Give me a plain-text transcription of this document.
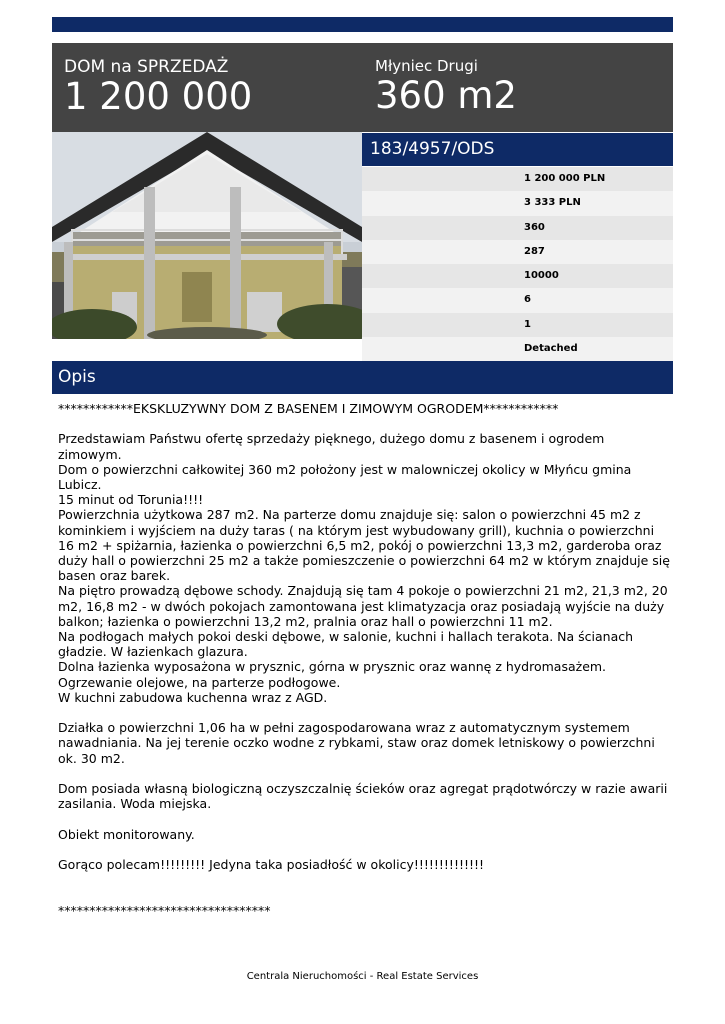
DOM na SPRZEDAŻ
1 200 000
Młyniec Drugi
360 m2
183/4957/ODS
1 200 000 PLN
3 333 PLN
360
287
10000
6
1
Detached
Opis

************EKSKLUZYWNY DOM Z BASENEM I ZIMOWYM OGRODEM************

Przedstawiam Państwu ofertę sprzedaży pięknego, dużego domu z basenem i ogrodem zimowym.

Dom o powierzchni całkowitej 360 m2 położony jest w malowniczej okolicy w Młyńcu gmina Lubicz.

15 minut od Torunia!!!!

Powierzchnia użytkowa 287 m2. Na parterze domu znajduje się: salon o powierzchni 45 m2 z kominkiem i wyjściem na duży taras ( na którym jest wybudowany grill), kuchnia o powierzchni 16 m2 + spiżarnia, łazienka o powierzchni 6,5 m2, pokój o powierzchni 13,3 m2, garderoba oraz duży hall o powierzchni 25 m2 a także pomieszczenie o powierzchni 64 m2 w którym znajduje się basen oraz barek.

Na piętro prowadzą dębowe schody. Znajdują się tam 4 pokoje o powierzchni 21 m2, 21,3 m2, 20 m2, 16,8 m2 - w dwóch pokojach zamontowana jest klimatyzacja oraz posiadają wyjście na duży balkon; łazienka o powierzchni 13,2 m2, pralnia oraz hall o powierzchni 11 m2.

Na podłogach małych pokoi deski dębowe, w salonie, kuchni i hallach terakota. Na ścianach gładzie. W łazienkach glazura.

Dolna łazienka wyposażona w prysznic, górna w prysznic oraz wannę z hydromasażem.

Ogrzewanie olejowe, na parterze podłogowe.

W kuchni zabudowa kuchenna wraz z AGD.

Działka o powierzchni 1,06 ha w pełni zagospodarowana wraz z automatycznym systemem nawadniania. Na jej terenie oczko wodne z rybkami, staw oraz domek letniskowy o powierzchni ok. 30 m2.

Dom posiada własną biologiczną oczyszczalnię ścieków oraz agregat prądotwórczy w razie awarii zasilania. Woda miejska.

Obiekt monitorowany.

Gorąco polecam!!!!!!!!! Jedyna taka posiadłość w okolicy!!!!!!!!!!!!!!

**********************************

Centrala Nieruchomości - Real Estate Services
